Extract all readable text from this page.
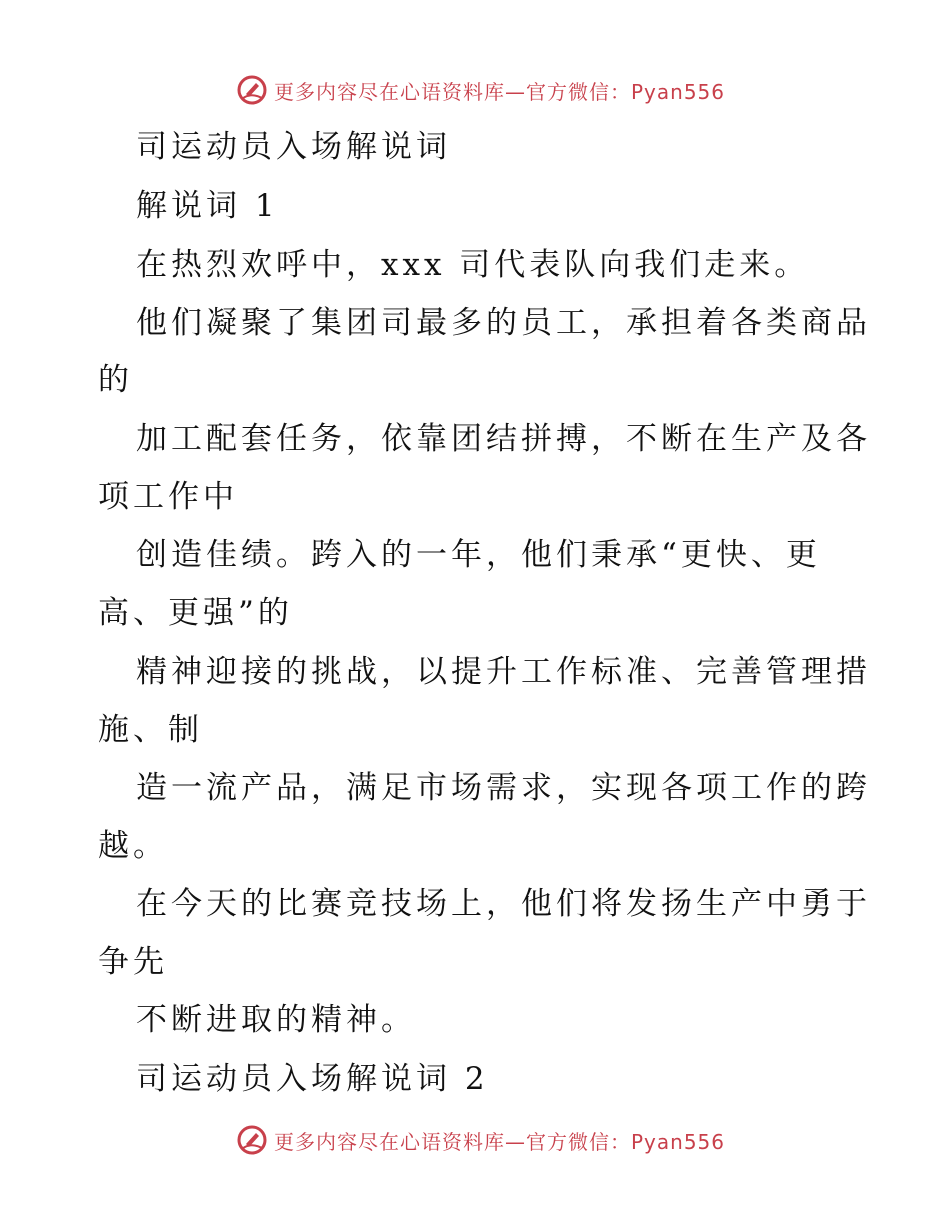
更多内容尽在心语资料库—官方微信：Pyan556
司运动员入场解说词
解说词 1
在热烈欢呼中，xxx 司代表队向我们走来。
他们凝聚了集团司最多的员工，承担着各类商品
的
加工配套任务，依靠团结拼搏，不断在生产及各
项工作中
创造佳绩。跨入的一年，他们秉承“更快、更
高、更强”的
精神迎接的挑战，以提升工作标准、完善管理措
施、制
造一流产品，满足市场需求，实现各项工作的跨
越。
在今天的比赛竞技场上，他们将发扬生产中勇于
争先
不断进取的精神。
司运动员入场解说词 2
更多内容尽在心语资料库—官方微信：Pyan556
